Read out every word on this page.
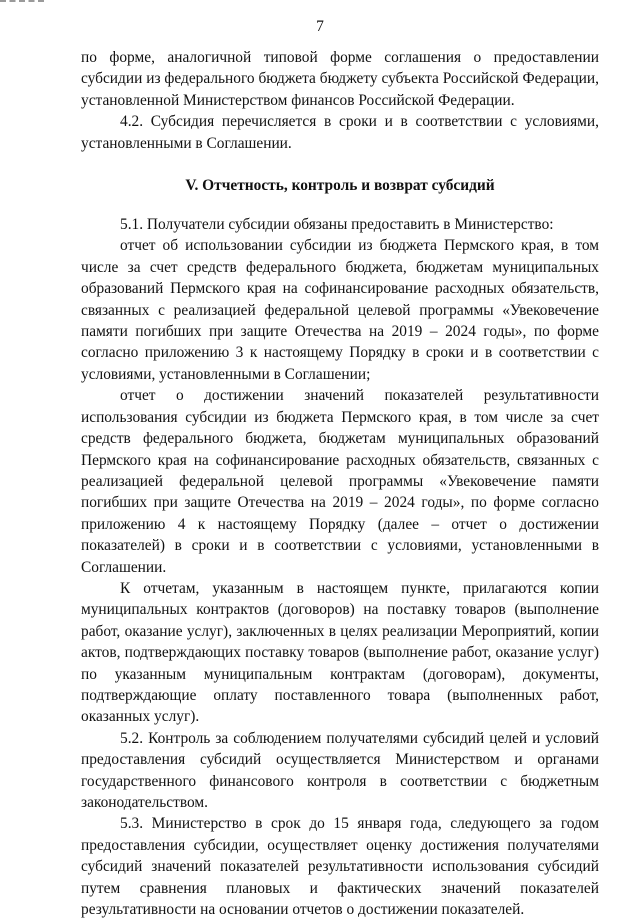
7

по форме, аналогичной типовой форме соглашения о предоставлении субсидии из федерального бюджета бюджету субъекта Российской Федерации, установленной Министерством финансов Российской Федерации.

4.2. Субсидия перечисляется в сроки и в соответствии с условиями, установленными в Соглашении.

V. Отчетность, контроль и возврат субсидий

5.1. Получатели субсидии обязаны предоставить в Министерство:

отчет об использовании субсидии из бюджета Пермского края, в том числе за счет средств федерального бюджета, бюджетам муниципальных образований Пермского края на софинансирование расходных обязательств, связанных с реализацией федеральной целевой программы «Увековечение памяти погибших при защите Отечества на 2019 – 2024 годы», по форме согласно приложению 3 к настоящему Порядку в сроки и в соответствии с условиями, установленными в Соглашении;

отчет о достижении значений показателей результативности использования субсидии из бюджета Пермского края, в том числе за счет средств федерального бюджета, бюджетам муниципальных образований Пермского края на софинансирование расходных обязательств, связанных с реализацией федеральной целевой программы «Увековечение памяти погибших при защите Отечества на 2019 – 2024 годы», по форме согласно приложению 4 к настоящему Порядку (далее – отчет о достижении показателей) в сроки и в соответствии с условиями, установленными в Соглашении.

К отчетам, указанным в настоящем пункте, прилагаются копии муниципальных контрактов (договоров) на поставку товаров (выполнение работ, оказание услуг), заключенных в целях реализации Мероприятий, копии актов, подтверждающих поставку товаров (выполнение работ, оказание услуг) по указанным муниципальным контрактам (договорам), документы, подтверждающие оплату поставленного товара (выполненных работ, оказанных услуг).

5.2. Контроль за соблюдением получателями субсидий целей и условий предоставления субсидий осуществляется Министерством и органами государственного финансового контроля в соответствии с бюджетным законодательством.

5.3. Министерство в срок до 15 января года, следующего за годом предоставления субсидии, осуществляет оценку достижения получателями субсидий значений показателей результативности использования субсидий путем сравнения плановых и фактических значений показателей результативности на основании отчетов о достижении показателей.
